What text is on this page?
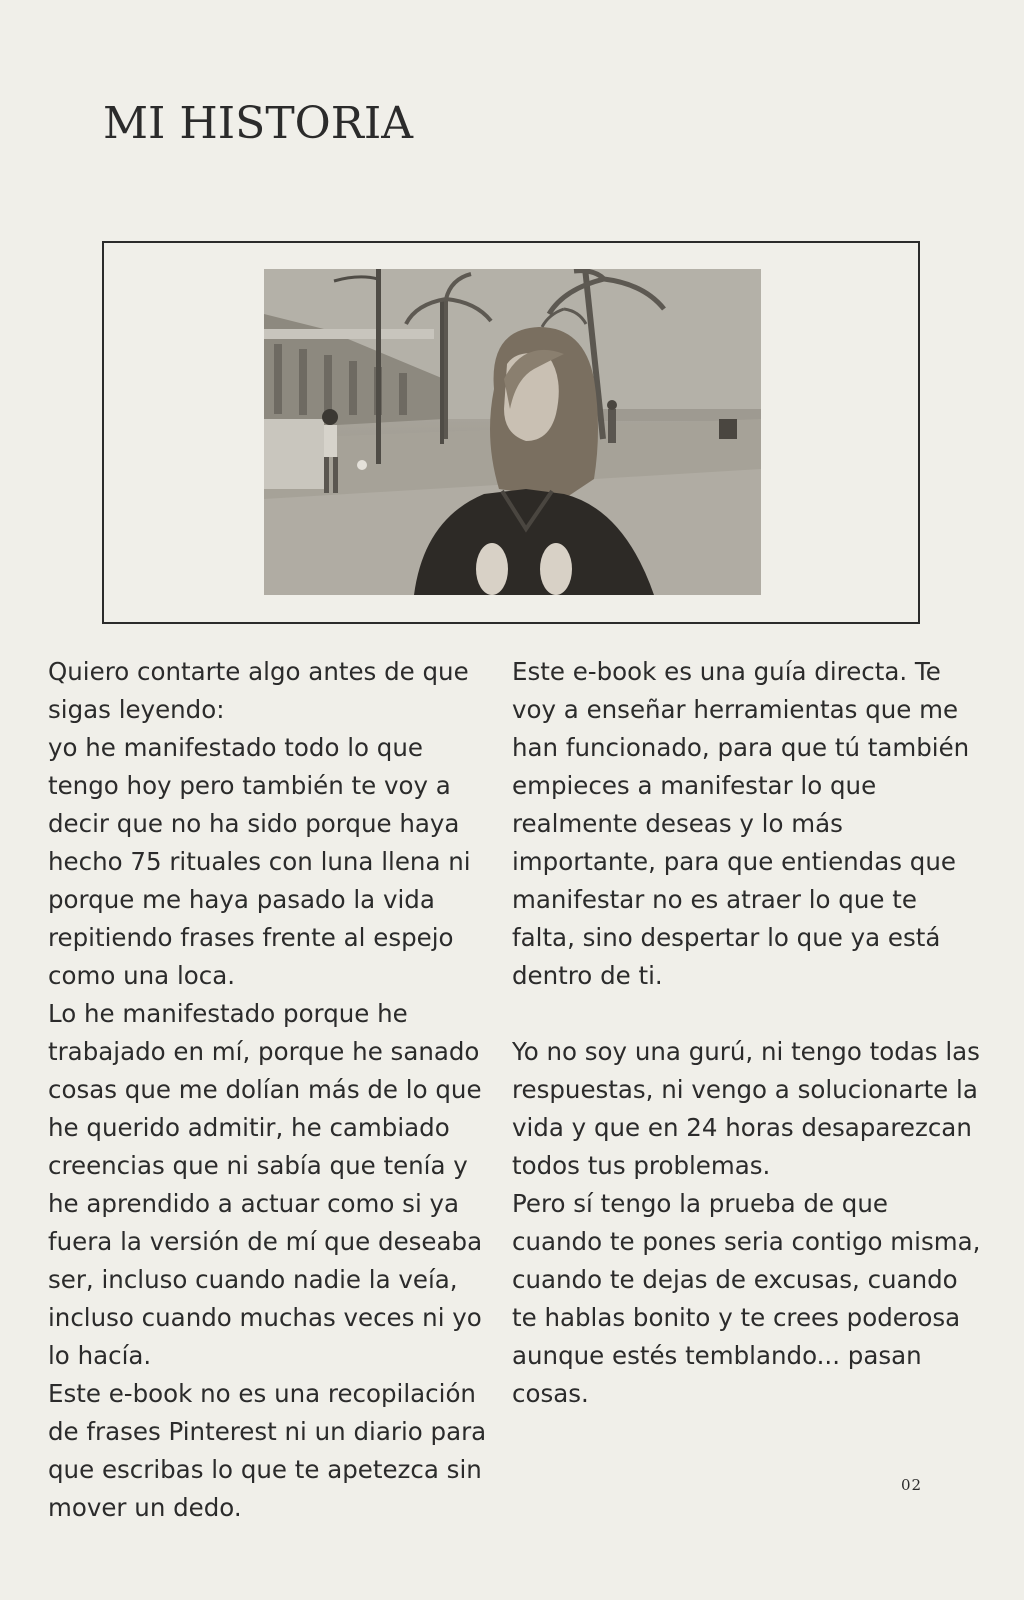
MI HISTORIA

Quiero contarte algo antes de que sigas leyendo:

yo he manifestado todo lo que tengo hoy pero también te voy a decir que no ha sido porque haya hecho 75 rituales con luna llena ni porque me haya pasado la vida repitiendo frases frente al espejo como una loca.

Lo he manifestado porque he trabajado en mí, porque he sanado cosas que me dolían más de lo que he querido admitir, he cambiado creencias que ni sabía que tenía y he aprendido a actuar como si ya fuera la versión de mí que deseaba ser, incluso cuando nadie la veía, incluso cuando muchas veces ni yo lo hacía.

Este e-book no es una recopilación de frases Pinterest ni un diario para que escribas lo que te apetezca sin mover un dedo.

Este e-book es una guía directa. Te voy a enseñar herramientas que me han funcionado, para que tú también empieces a manifestar lo que realmente deseas y lo más importante, para que entiendas que manifestar no es atraer lo que te falta, sino despertar lo que ya está dentro de ti.

Yo no soy una gurú, ni tengo todas las respuestas, ni vengo a solucionarte la vida y que en 24 horas desaparezcan todos tus problemas.

Pero sí tengo la prueba de que cuando te pones seria contigo misma, cuando te dejas de excusas, cuando te hablas bonito y te crees poderosa aunque estés temblando... pasan cosas.

02
